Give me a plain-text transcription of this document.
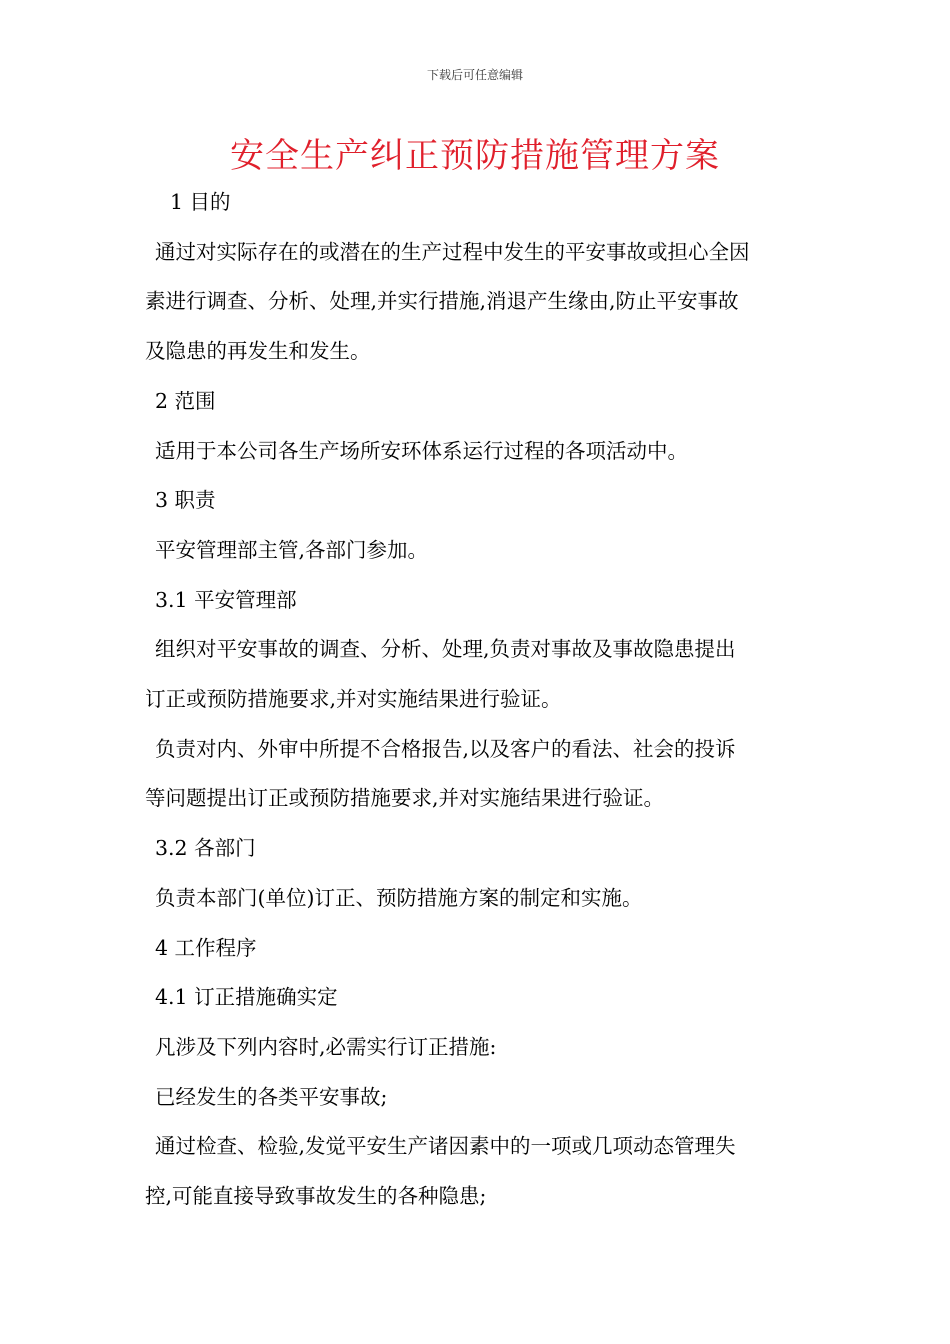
下载后可任意编辑
安全生产纠正预防措施管理方案

1 目的

通过对实际存在的或潜在的生产过程中发生的平安事故或担心全因

素进行调查、分析、处理,并实行措施,消退产生缘由,防止平安事故

及隐患的再发生和发生。

2 范围

适用于本公司各生产场所安环体系运行过程的各项活动中。

3 职责

平安管理部主管,各部门参加。

3.1 平安管理部

组织对平安事故的调查、分析、处理,负责对事故及事故隐患提出

订正或预防措施要求,并对实施结果进行验证。

负责对内、外审中所提不合格报告,以及客户的看法、社会的投诉

等问题提出订正或预防措施要求,并对实施结果进行验证。

3.2 各部门

负责本部门(单位)订正、预防措施方案的制定和实施。

4 工作程序

4.1 订正措施确实定

凡涉及下列内容时,必需实行订正措施:

已经发生的各类平安事故;

通过检查、检验,发觉平安生产诸因素中的一项或几项动态管理失

控,可能直接导致事故发生的各种隐患;
